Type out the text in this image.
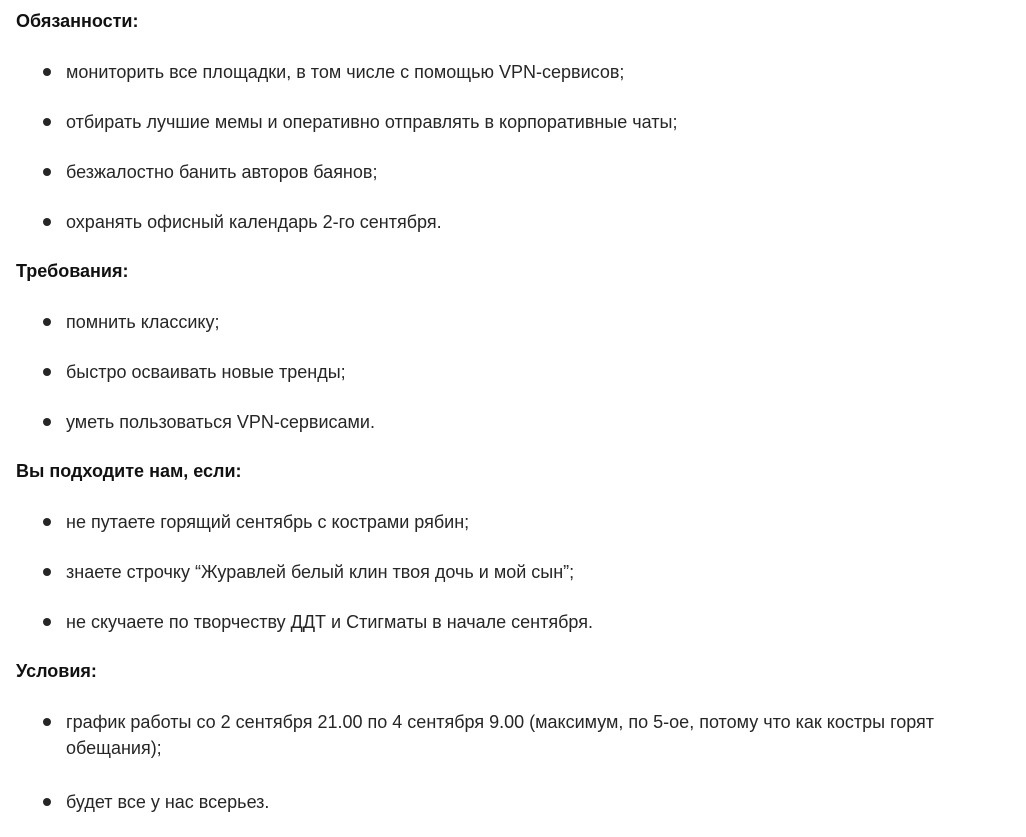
Обязанности:
мониторить все площадки, в том числе с помощью VPN-сервисов;
отбирать лучшие мемы и оперативно отправлять в корпоративные чаты;
безжалостно банить авторов баянов;
охранять офисный календарь 2-го сентября.
Требования:
помнить классику;
быстро осваивать новые тренды;
уметь пользоваться VPN-сервисами.
Вы подходите нам, если:
не путаете горящий сентябрь с кострами рябин;
знаете строчку “Журавлей белый клин твоя дочь и мой сын”;
не скучаете по творчеству ДДТ и Стигматы в начале сентября.
Условия:
график работы со 2 сентября 21.00 по 4 сентября 9.00 (максимум, по 5-ое, потому что как костры горят обещания);
будет все у нас всерьез.
